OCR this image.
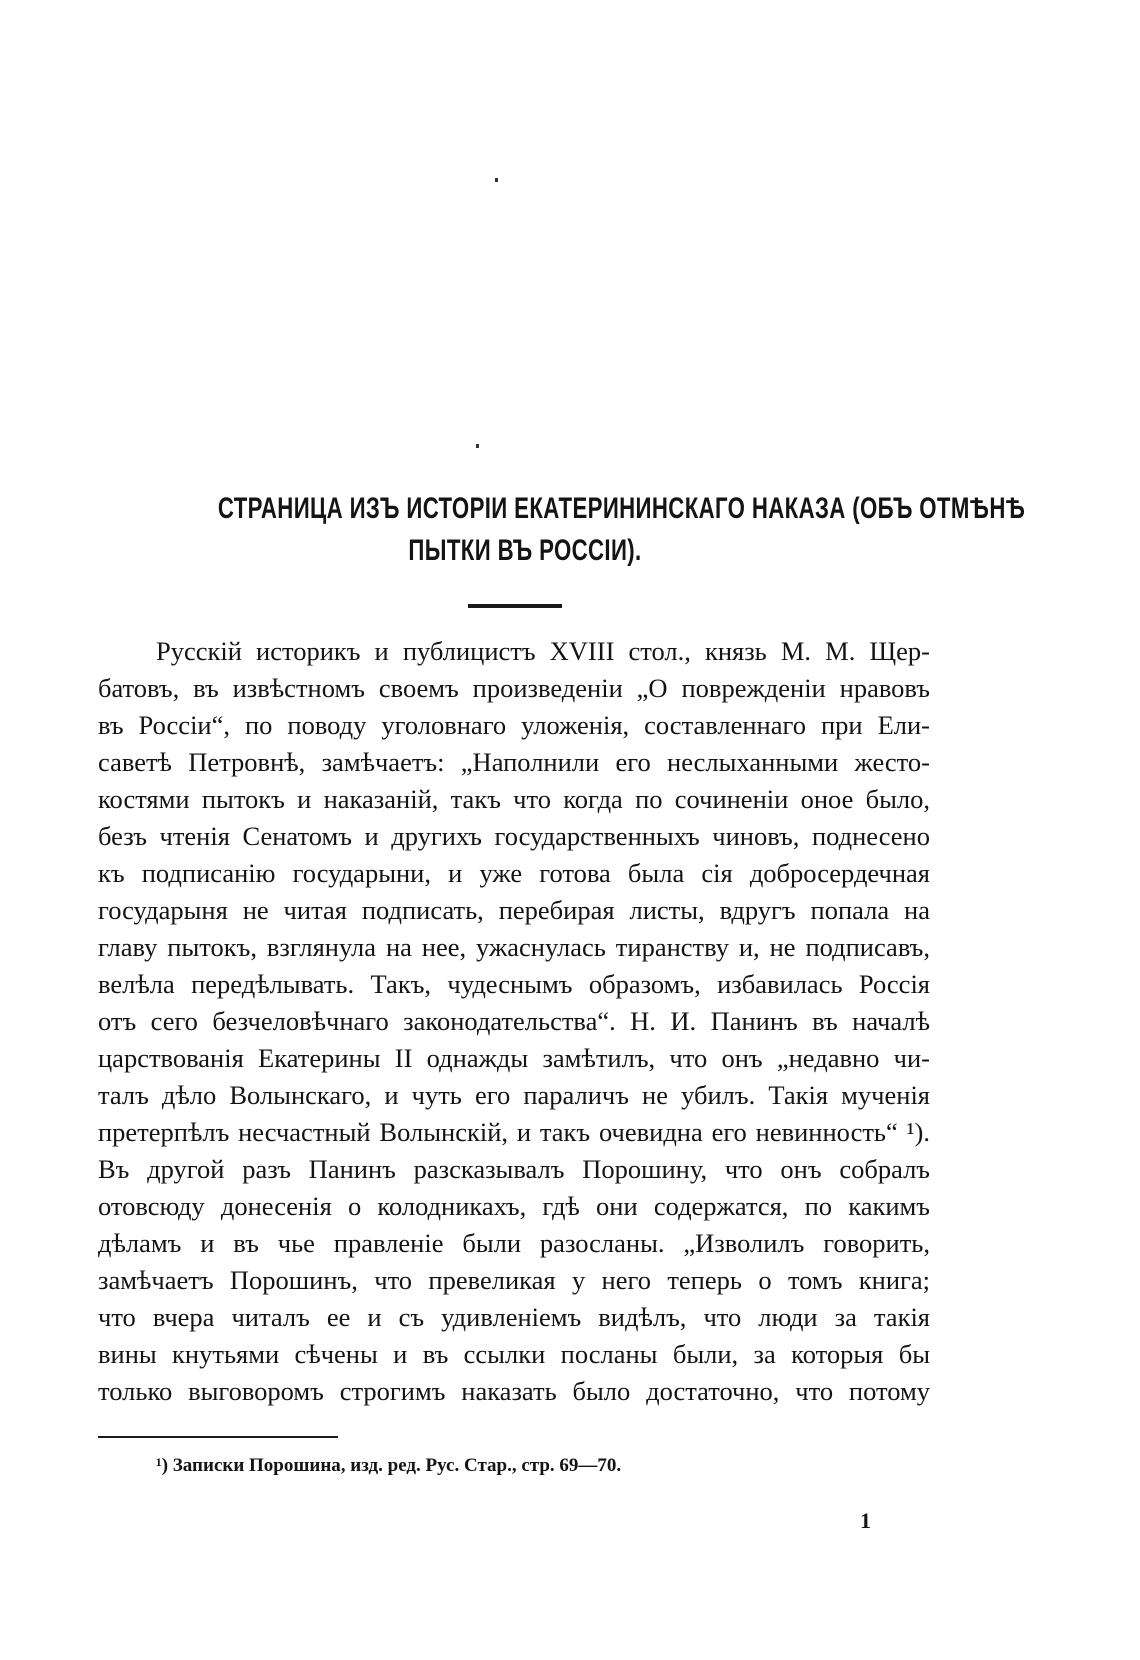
СТРАНИЦА ИЗЪ ИСТОРІИ ЕКАТЕРИНИНСКАГО НАКАЗА (ОБЪ ОТМѢНѢ
ПЫТКИ ВЪ РОССІИ).
Русскій историкъ и публицистъ XVIII стол., князь М. М. Щер-
батовъ, въ извѣстномъ своемъ произведеніи „О поврежденіи нравовъ
въ Россіи“, по поводу уголовнаго уложенія, составленнаго при Ели-
саветѣ Петровнѣ, замѣчаетъ: „Наполнили его неслыханными жесто-
костями пытокъ и наказаній, такъ что когда по сочиненіи оное было,
безъ чтенія Сенатомъ и другихъ государственныхъ чиновъ, поднесено
къ подписанію государыни, и уже готова была сія добросердечная
государыня не читая подписать, перебирая листы, вдругъ попала на
главу пытокъ, взглянула на нее, ужаснулась тиранству и, не подписавъ,
велѣла передѣлывать. Такъ, чудеснымъ образомъ, избавилась Россія
отъ сего безчеловѣчнаго законодательства“. Н. И. Панинъ въ началѣ
царствованія Екатерины II однажды замѣтилъ, что онъ „недавно чи-
талъ дѣло Волынскаго, и чуть его параличъ не убилъ. Такія мученія
претерпѣлъ несчастный Волынскій, и такъ очевидна его невинность“ ¹).
Въ другой разъ Панинъ разсказывалъ Порошину, что онъ собралъ
отовсюду донесенія о колодникахъ, гдѣ они содержатся, по какимъ
дѣламъ и въ чье правленіе были разосланы. „Изволилъ говорить,
замѣчаетъ Порошинъ, что превеликая у него теперь о томъ книга;
что вчера читалъ ее и съ удивленіемъ видѣлъ, что люди за такія
вины кнутьями сѣчены и въ ссылки посланы были, за которыя бы
только выговоромъ строгимъ наказать было достаточно, что потому
¹) Записки Порошина, изд. ред. Рус. Стар., стр. 69—70.
1
